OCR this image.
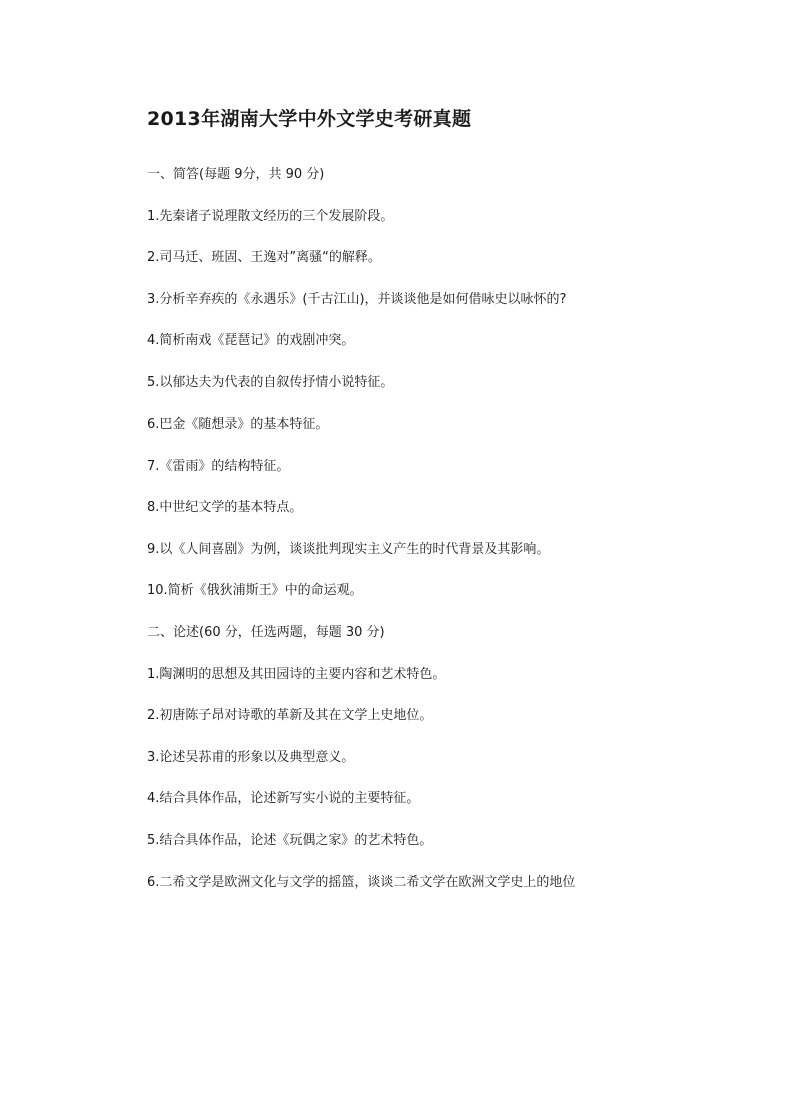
2013年湖南大学中外文学史考研真题
一、简答(每题 9分，共 90 分)
1.先秦诸子说理散文经历的三个发展阶段。
2.司马迁、班固、王逸对”离骚“的解释。
3.分析辛弃疾的《永遇乐》(千古江山)，并谈谈他是如何借咏史以咏怀的?
4.简析南戏《琵琶记》的戏剧冲突。
5.以郁达夫为代表的自叙传抒情小说特征。
6.巴金《随想录》的基本特征。
7.《雷雨》的结构特征。
8.中世纪文学的基本特点。
9.以《人间喜剧》为例，谈谈批判现实主义产生的时代背景及其影响。
10.简析《俄狄浦斯王》中的命运观。
二、论述(60 分，任选两题，每题 30 分)
1.陶渊明的思想及其田园诗的主要内容和艺术特色。
2.初唐陈子昂对诗歌的革新及其在文学上史地位。
3.论述吴荪甫的形象以及典型意义。
4.结合具体作品，论述新写实小说的主要特征。
5.结合具体作品，论述《玩偶之家》的艺术特色。
6.二希文学是欧洲文化与文学的摇篮，谈谈二希文学在欧洲文学史上的地位
